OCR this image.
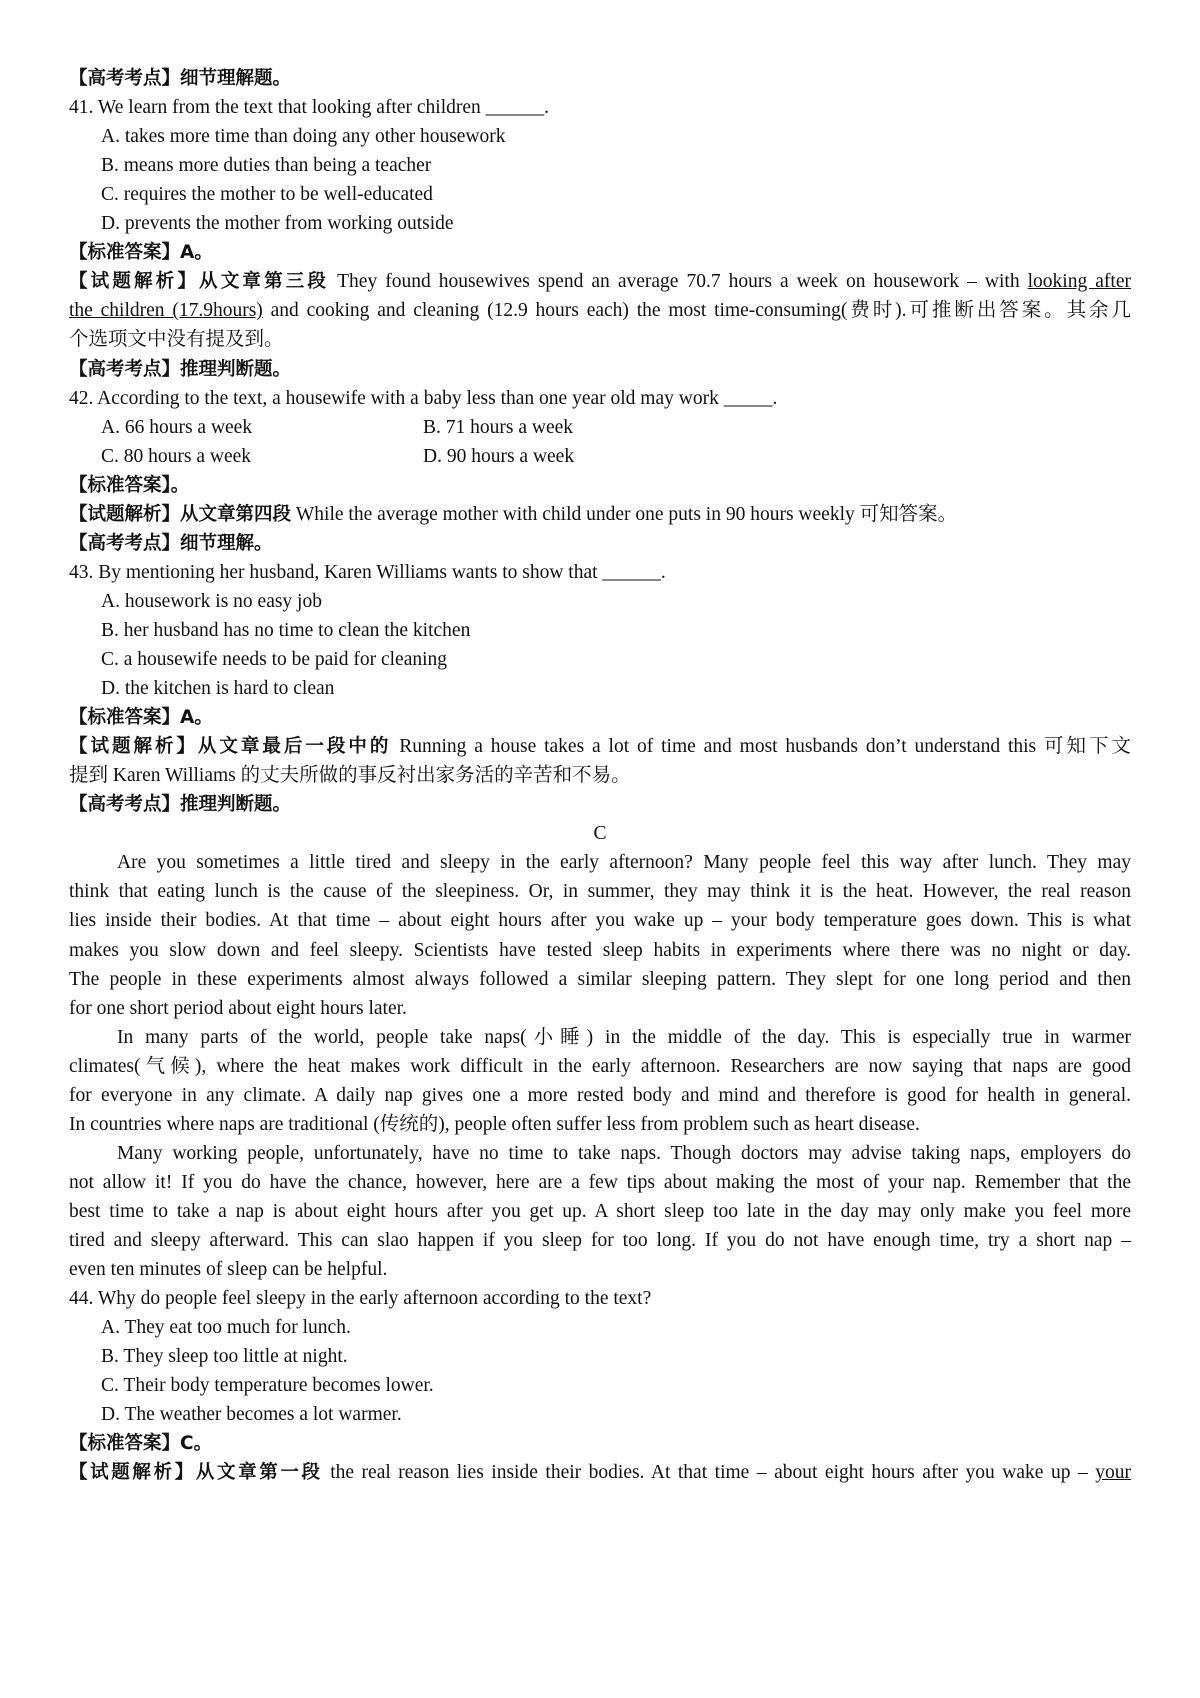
【高考考点】细节理解题。
41. We learn from the text that looking after children ______.
A. takes more time than doing any other housework
B. means more duties than being a teacher
C. requires the mother to be well-educated
D. prevents the mother from working outside
【标准答案】A。
【试题解析】从文章第三段 They found housewives spend an average 70.7 hours a week on housework – with looking after
the children (17.9hours) and cooking and cleaning (12.9 hours each) the most time-consuming(费时).可推断出答案。其余几
个选项文中没有提及到。
【高考考点】推理判断题。
42. According to the text, a housewife with a baby less than one year old may work _____.
A. 66 hours a week	B. 71 hours a week
C. 80 hours a week	D. 90 hours a week
【标准答案】。
【试题解析】从文章第四段 While the average mother with child under one puts in 90 hours weekly 可知答案。
【高考考点】细节理解。
43. By mentioning her husband, Karen Williams wants to show that ______.
A. housework is no easy job
B. her husband has no time to clean the kitchen
C. a housewife needs to be paid for cleaning
D. the kitchen is hard to clean
【标准答案】A。
【试题解析】从文章最后一段中的 Running a house takes a lot of time and most husbands don’t understand this 可知下文
提到 Karen Williams 的丈夫所做的事反衬出家务活的辛苦和不易。
【高考考点】推理判断题。
C
Are you sometimes a little tired and sleepy in the early afternoon? Many people feel this way after lunch. They may
think that eating lunch is the cause of the sleepiness. Or, in summer, they may think it is the heat. However, the real reason
lies inside their bodies. At that time – about eight hours after you wake up – your body temperature goes down. This is what
makes you slow down and feel sleepy. Scientists have tested sleep habits in experiments where there was no night or day.
The people in these experiments almost always followed a similar sleeping pattern. They slept for one long period and then
for one short period about eight hours later.
In many parts of the world, people take naps(小睡) in the middle of the day. This is especially true in warmer
climates(气候), where the heat makes work difficult in the early afternoon. Researchers are now saying that naps are good
for everyone in any climate. A daily nap gives one a more rested body and mind and therefore is good for health in general.
In countries where naps are traditional (传统的), people often suffer less from problem such as heart disease.
Many working people, unfortunately, have no time to take naps. Though doctors may advise taking naps, employers do
not allow it! If you do have the chance, however, here are a few tips about making the most of your nap. Remember that the
best time to take a nap is about eight hours after you get up. A short sleep too late in the day may only make you feel more
tired and sleepy afterward. This can slao happen if you sleep for too long. If you do not have enough time, try a short nap –
even ten minutes of sleep can be helpful.
44. Why do people feel sleepy in the early afternoon according to the text?
A. They eat too much for lunch.
B. They sleep too little at night.
C. Their body temperature becomes lower.
D. The weather becomes a lot warmer.
【标准答案】C。
【试题解析】从文章第一段 the real reason lies inside their bodies. At that time – about eight hours after you wake up – your
